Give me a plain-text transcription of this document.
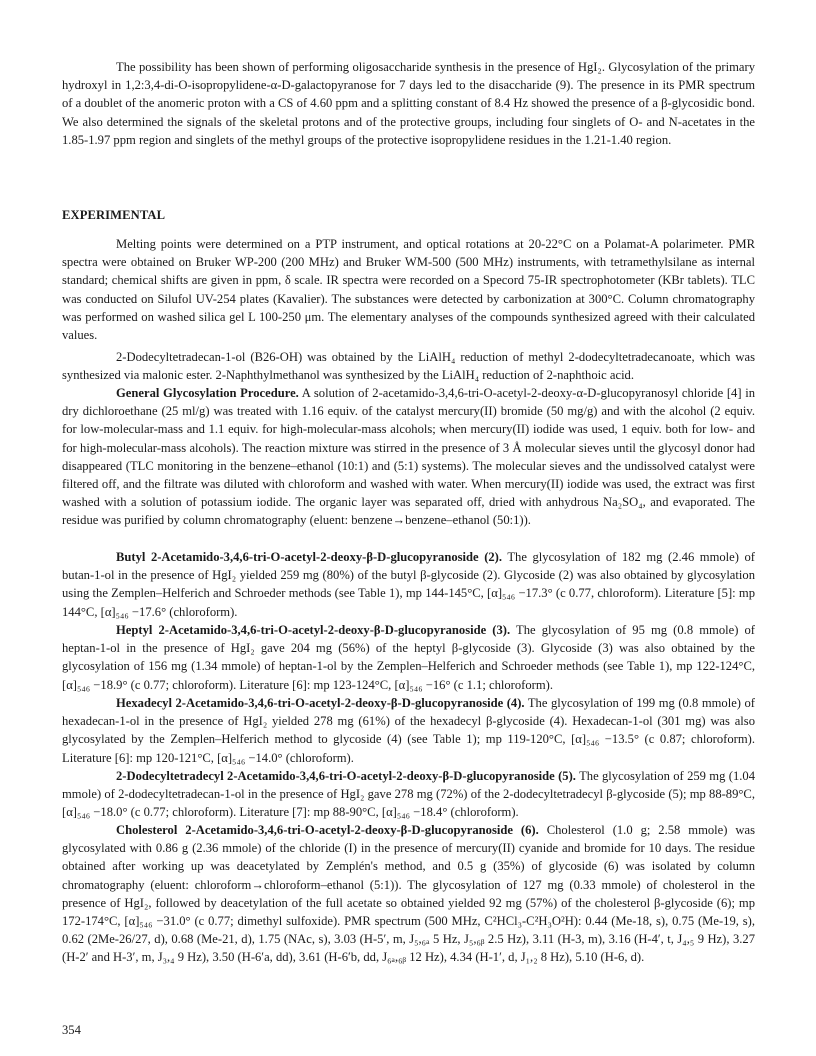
The possibility has been shown of performing oligosaccharide synthesis in the presence of HgI₂. Glycosylation of the primary hydroxyl in 1,2:3,4-di-O-isopropylidene-α-D-galactopyranose for 7 days led to the disaccharide (9). The presence in its PMR spectrum of a doublet of the anomeric proton with a CS of 4.60 ppm and a splitting constant of 8.4 Hz showed the presence of a β-glycosidic bond. We also determined the signals of the skeletal protons and of the protective groups, including four singlets of O- and N-acetates in the 1.85-1.97 ppm region and singlets of the methyl groups of the protective isopropylidene residues in the 1.21-1.40 region.

EXPERIMENTAL

Melting points were determined on a PTP instrument, and optical rotations at 20-22°C on a Polamat-A polarimeter. PMR spectra were obtained on Bruker WP-200 (200 MHz) and Bruker WM-500 (500 MHz) instruments, with tetramethylsilane as internal standard; chemical shifts are given in ppm, δ scale. IR spectra were recorded on a Specord 75-IR spectrophotometer (KBr tablets). TLC was conducted on Silufol UV-254 plates (Kavalier). The substances were detected by carbonization at 300°C. Column chromatography was performed on washed silica gel L 100-250 μm. The elementary analyses of the compounds synthesized agreed with their calculated values.

2-Dodecyltetradecan-1-ol (B26-OH) was obtained by the LiAlH₄ reduction of methyl 2-dodecyltetradecanoate, which was synthesized via malonic ester. 2-Naphthylmethanol was synthesized by the LiAlH₄ reduction of 2-naphthoic acid.

General Glycosylation Procedure. A solution of 2-acetamido-3,4,6-tri-O-acetyl-2-deoxy-α-D-glucopyranosyl chloride [4] in dry dichloroethane (25 ml/g) was treated with 1.16 equiv. of the catalyst mercury(II) bromide (50 mg/g) and with the alcohol (2 equiv. for low-molecular-mass and 1.1 equiv. for high-molecular-mass alcohols; when mercury(II) iodide was used, 1 equiv. both for low- and for high-molecular-mass alcohols). The reaction mixture was stirred in the presence of 3 Å molecular sieves until the glycosyl donor had disappeared (TLC monitoring in the benzene–ethanol (10:1) and (5:1) systems). The molecular sieves and the undissolved catalyst were filtered off, and the filtrate was diluted with chloroform and washed with water. When mercury(II) iodide was used, the extract was first washed with a solution of potassium iodide. The organic layer was separated off, dried with anhydrous Na₂SO₄, and evaporated. The residue was purified by column chromatography (eluent: benzene→benzene–ethanol (50:1)).

Butyl 2-Acetamido-3,4,6-tri-O-acetyl-2-deoxy-β-D-glucopyranoside (2). The glycosylation of 182 mg (2.46 mmole) of butan-1-ol in the presence of HgI₂ yielded 259 mg (80%) of the butyl β-glycoside (2). Glycoside (2) was also obtained by glycosylation using the Zemplen–Helferich and Schroeder methods (see Table 1), mp 144-145°C, [α]₅₄₆ −17.3° (c 0.77, chloroform). Literature [5]: mp 144°C, [α]₅₄₆ −17.6° (chloroform).

Heptyl 2-Acetamido-3,4,6-tri-O-acetyl-2-deoxy-β-D-glucopyranoside (3). The glycosylation of 95 mg (0.8 mmole) of heptan-1-ol in the presence of HgI₂ gave 204 mg (56%) of the heptyl β-glycoside (3). Glycoside (3) was also obtained by the glycosylation of 156 mg (1.34 mmole) of heptan-1-ol by the Zemplen–Helferich and Schroeder methods (see Table 1), mp 122-124°C, [α]₅₄₆ −18.9° (c 0.77; chloroform). Literature [6]: mp 123-124°C, [α]₅₄₆ −16° (c 1.1; chloroform).

Hexadecyl 2-Acetamido-3,4,6-tri-O-acetyl-2-deoxy-β-D-glucopyranoside (4). The glycosylation of 199 mg (0.8 mmole) of hexadecan-1-ol in the presence of HgI₂ yielded 278 mg (61%) of the hexadecyl β-glycoside (4). Hexadecan-1-ol (301 mg) was also glycosylated by the Zemplen–Helferich method to glycoside (4) (see Table 1); mp 119-120°C, [α]₅₄₆ −13.5° (c 0.87; chloroform). Literature [6]: mp 120-121°C, [α]₅₄₆ −14.0° (chloroform).

2-Dodecyltetradecyl 2-Acetamido-3,4,6-tri-O-acetyl-2-deoxy-β-D-glucopyranoside (5). The glycosylation of 259 mg (1.04 mmole) of 2-dodecyltetradecan-1-ol in the presence of HgI₂ gave 278 mg (72%) of the 2-dodecyltetradecyl β-glycoside (5); mp 88-89°C, [α]₅₄₆ −18.0° (c 0.77; chloroform). Literature [7]: mp 88-90°C, [α]₅₄₆ −18.4° (chloroform).

Cholesterol 2-Acetamido-3,4,6-tri-O-acetyl-2-deoxy-β-D-glucopyranoside (6). Cholesterol (1.0 g; 2.58 mmole) was glycosylated with 0.86 g (2.36 mmole) of the chloride (I) in the presence of mercury(II) cyanide and bromide for 10 days. The residue obtained after working up was deacetylated by Zemplén's method, and 0.5 g (35%) of glycoside (6) was isolated by column chromatography (eluent: chloroform→chloroform–ethanol (5:1)). The glycosylation of 127 mg (0.33 mmole) of cholesterol in the presence of HgI₂, followed by deacetylation of the full acetate so obtained yielded 92 mg (57%) of the cholesterol β-glycoside (6); mp 172-174°C, [α]₅₄₆ −31.0° (c 0.77; dimethyl sulfoxide). PMR spectrum (500 MHz, C²HCl₃-C²H₃O²H): 0.44 (Me-18, s), 0.75 (Me-19, s), 0.62 (2Me-26/27, d), 0.68 (Me-21, d), 1.75 (NAc, s), 3.03 (H-5′, m, J₅,₆ₐ 5 Hz, J₅,₆ᵦ 2.5 Hz), 3.11 (H-3, m), 3.16 (H-4′, t, J₄,₅ 9 Hz), 3.27 (H-2′ and H-3′, m, J₃,₄ 9 Hz), 3.50 (H-6′a, dd), 3.61 (H-6′b, dd, J₆ₐ,₆ᵦ 12 Hz), 4.34 (H-1′, d, J₁,₂ 8 Hz), 5.10 (H-6, d).

354
